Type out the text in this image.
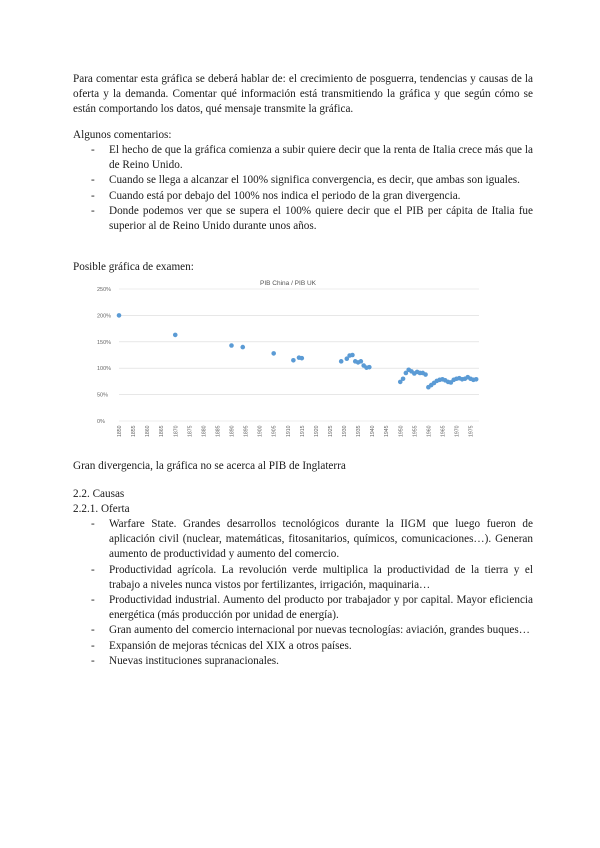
Para comentar esta gráfica se deberá hablar de: el crecimiento de posguerra, tendencias y causas de la oferta y la demanda. Comentar qué información está transmitiendo la gráfica y que según cómo se están comportando los datos, qué mensaje transmite la gráfica.

Algunos comentarios:

- El hecho de que la gráfica comienza a subir quiere decir que la renta de Italia crece más que la de Reino Unido.
- Cuando se llega a alcanzar el 100% significa convergencia, es decir, que ambas son iguales.
- Cuando está por debajo del 100% nos indica el periodo de la gran divergencia.
- Donde podemos ver que se supera el 100% quiere decir que el PIB per cápita de Italia fue superior al de Reino Unido durante unos años.

Posible gráfica de examen:

0%
50%
100%
150%
200%
250%
1850 1855 1860 1865 1870 1875 1880 1885 1890 1895 1900 1905 1910 1915 1920 1925 1930 1935 1940 1945 1950 1955 1960 1965 1970 1975
PIB China / PIB UK

Gran divergencia, la gráfica no se acerca al PIB de Inglaterra

2.2. Causas

2.2.1. Oferta

- Warfare State. Grandes desarrollos tecnológicos durante la IIGM que luego fueron de aplicación civil (nuclear, matemáticas, fitosanitarios, químicos, comunicaciones…). Generan aumento de productividad y aumento del comercio.
- Productividad agrícola. La revolución verde multiplica la productividad de la tierra y el trabajo a niveles nunca vistos por fertilizantes, irrigación, maquinaria…
- Productividad industrial. Aumento del producto por trabajador y por capital. Mayor eficiencia energética (más producción por unidad de energía).
- Gran aumento del comercio internacional por nuevas tecnologías: aviación, grandes buques…
- Expansión de mejoras técnicas del XIX a otros países.
- Nuevas instituciones supranacionales.
